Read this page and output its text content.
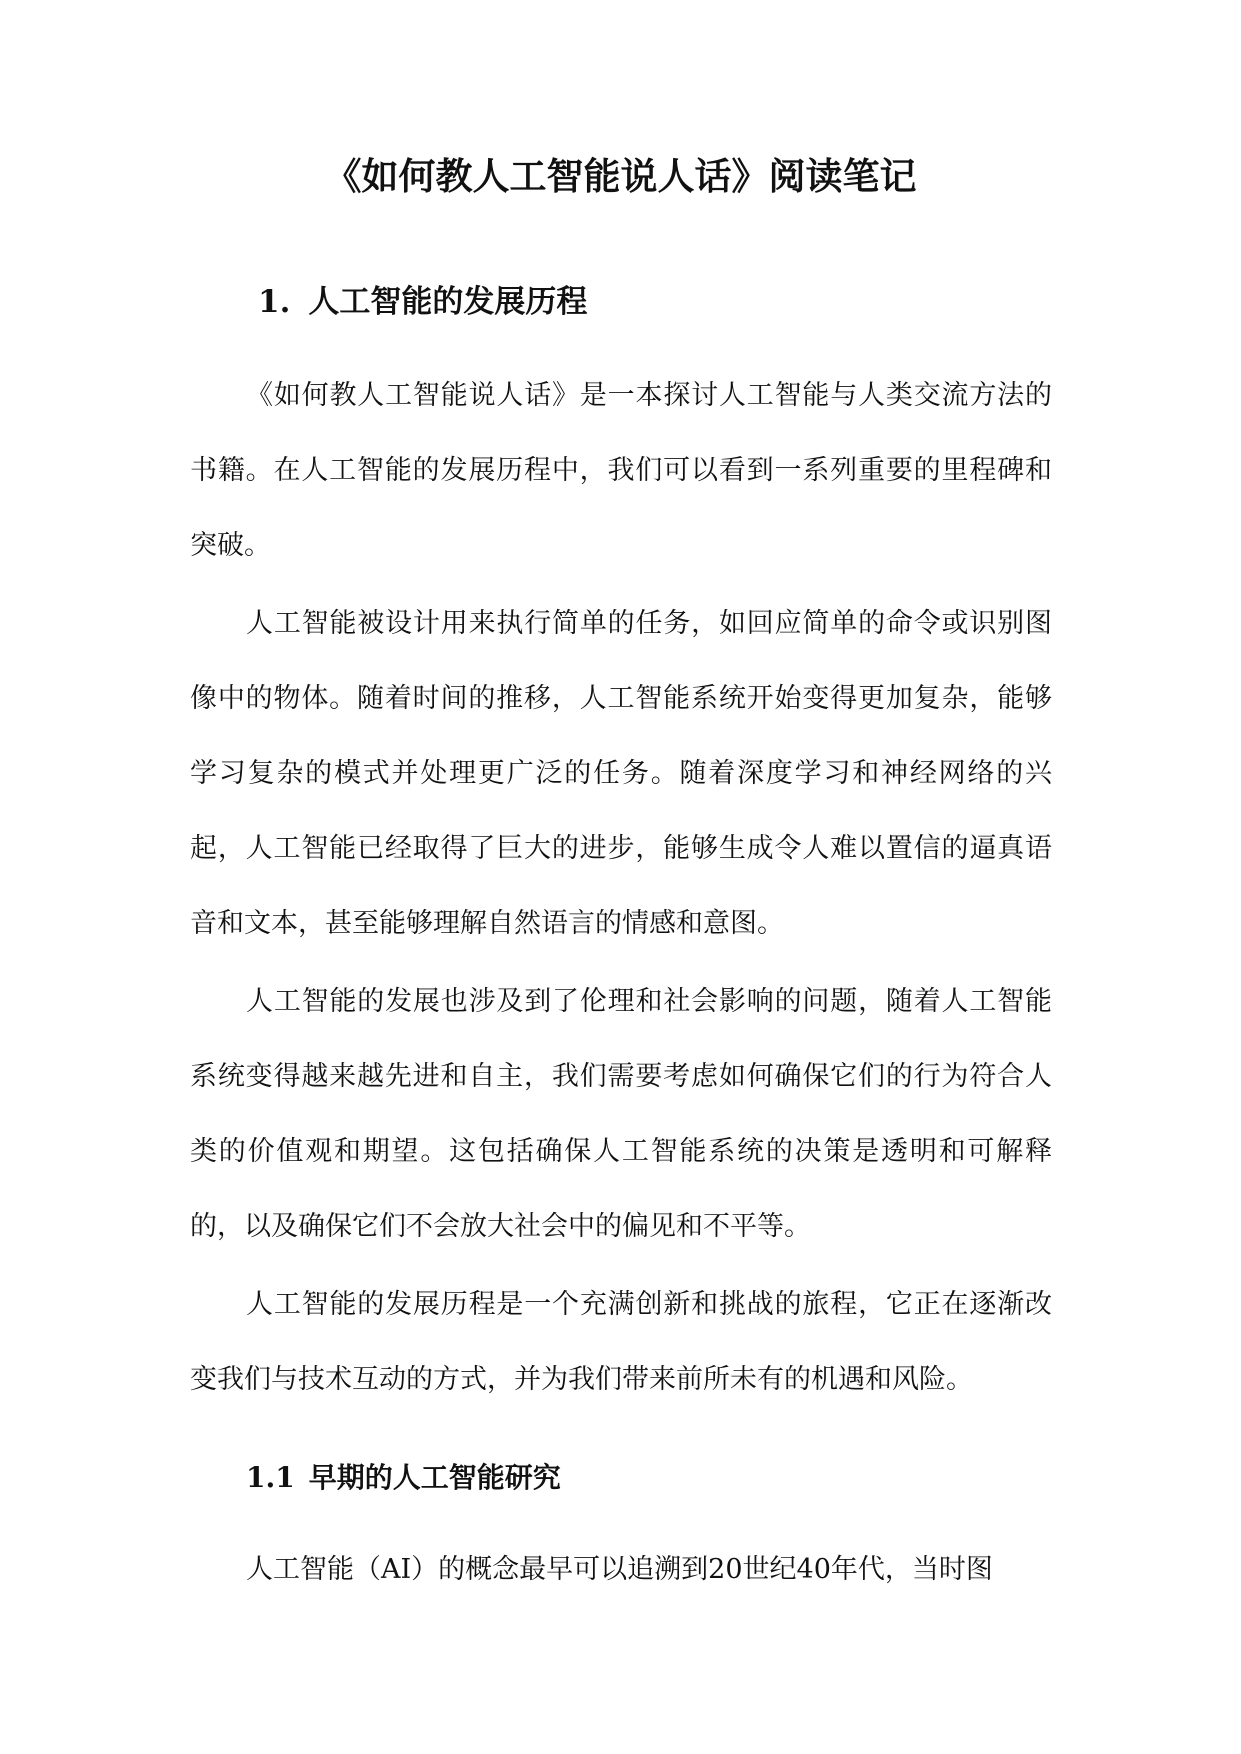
《如何教人工智能说人话》阅读笔记
1. 人工智能的发展历程

《如何教人工智能说人话》是一本探讨人工智能与人类交流方法的书籍。在人工智能的发展历程中，我们可以看到一系列重要的里程碑和突破。

人工智能被设计用来执行简单的任务，如回应简单的命令或识别图像中的物体。随着时间的推移，人工智能系统开始变得更加复杂，能够学习复杂的模式并处理更广泛的任务。随着深度学习和神经网络的兴起，人工智能已经取得了巨大的进步，能够生成令人难以置信的逼真语音和文本，甚至能够理解自然语言的情感和意图。

人工智能的发展也涉及到了伦理和社会影响的问题，随着人工智能系统变得越来越先进和自主，我们需要考虑如何确保它们的行为符合人类的价值观和期望。这包括确保人工智能系统的决策是透明和可解释的，以及确保它们不会放大社会中的偏见和不平等。

人工智能的发展历程是一个充满创新和挑战的旅程，它正在逐渐改变我们与技术互动的方式，并为我们带来前所未有的机遇和风险。

1.1 早期的人工智能研究

人工智能（AI）的概念最早可以追溯到20世纪40年代，当时图
